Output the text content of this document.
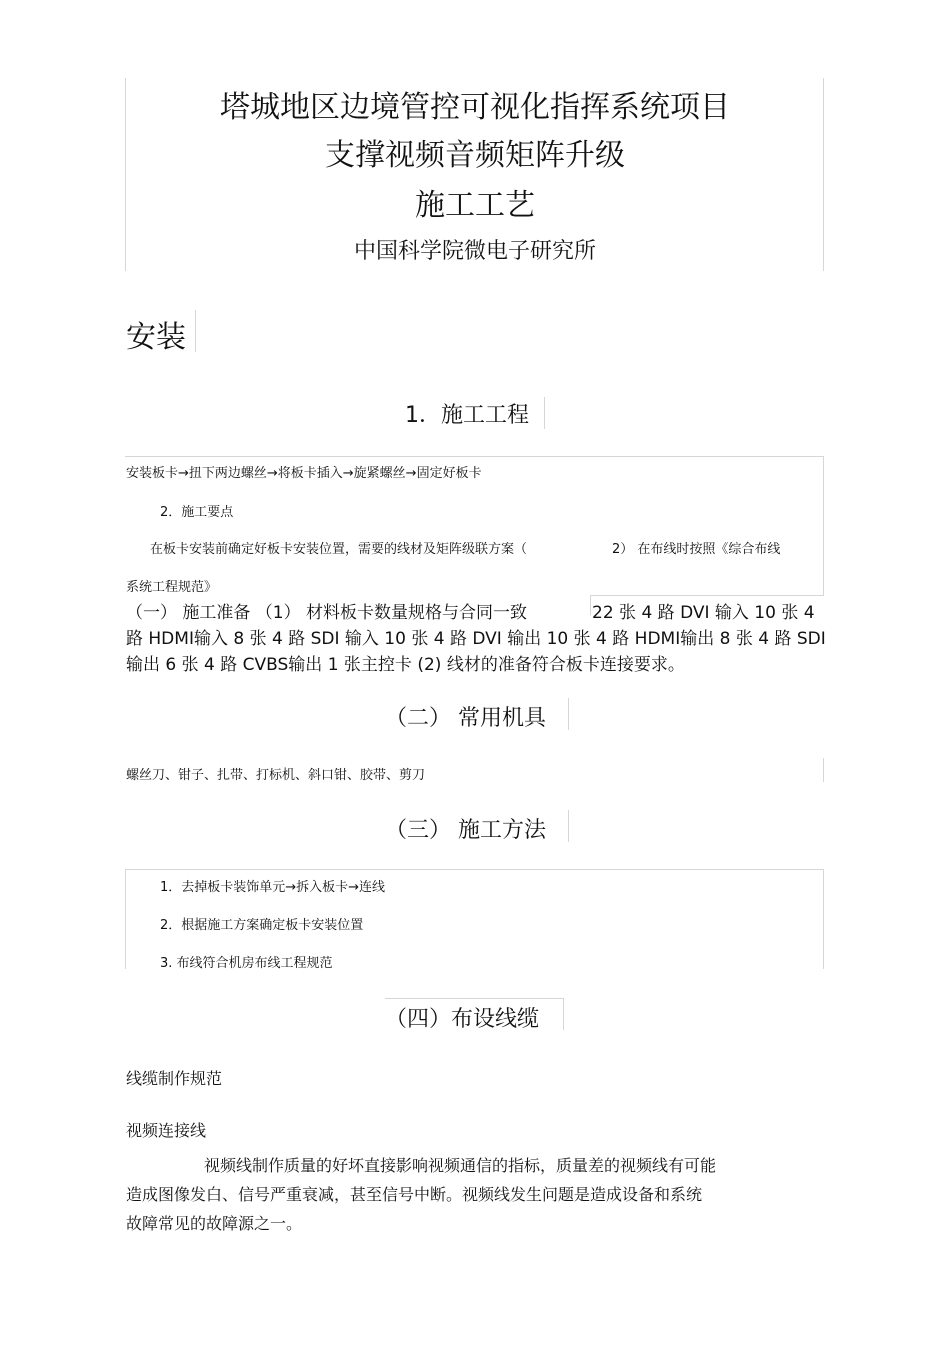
塔城地区边境管控可视化指挥系统项目
支撑视频音频矩阵升级
施工工艺
中国科学院微电子研究所
安装
1．施工工程
安装板卡→扭下两边螺丝→将板卡插入→旋紧螺丝→固定好板卡
2．施工要点
在板卡安装前确定好板卡安装位置，需要的线材及矩阵级联方案（	2） 在布线时按照《综合布线
系统工程规范》
（一） 施工准备 （1） 材料板卡数量规格与合同一致	22 张 4 路 DVI 输入 10 张 4
路 HDMI输入 8 张 4 路 SDI 输入 10 张 4 路 DVI 输出 10 张 4 路 HDMI输出 8 张 4 路 SDI
输出 6 张 4 路 CVBS输出 1 张主控卡 (2) 线材的准备符合板卡连接要求。
（二） 常用机具
螺丝刀、钳子、扎带、打标机、斜口钳、胶带、剪刀
（三） 施工方法
1．去掉板卡装饰单元→拆入板卡→连线
2．根据施工方案确定板卡安装位置
3. 布线符合机房布线工程规范
（四）布设线缆
线缆制作规范
视频连接线
视频线制作质量的好坏直接影响视频通信的指标，质量差的视频线有可能
造成图像发白、信号严重衰减，甚至信号中断。视频线发生问题是造成设备和系统
故障常见的故障源之一。
